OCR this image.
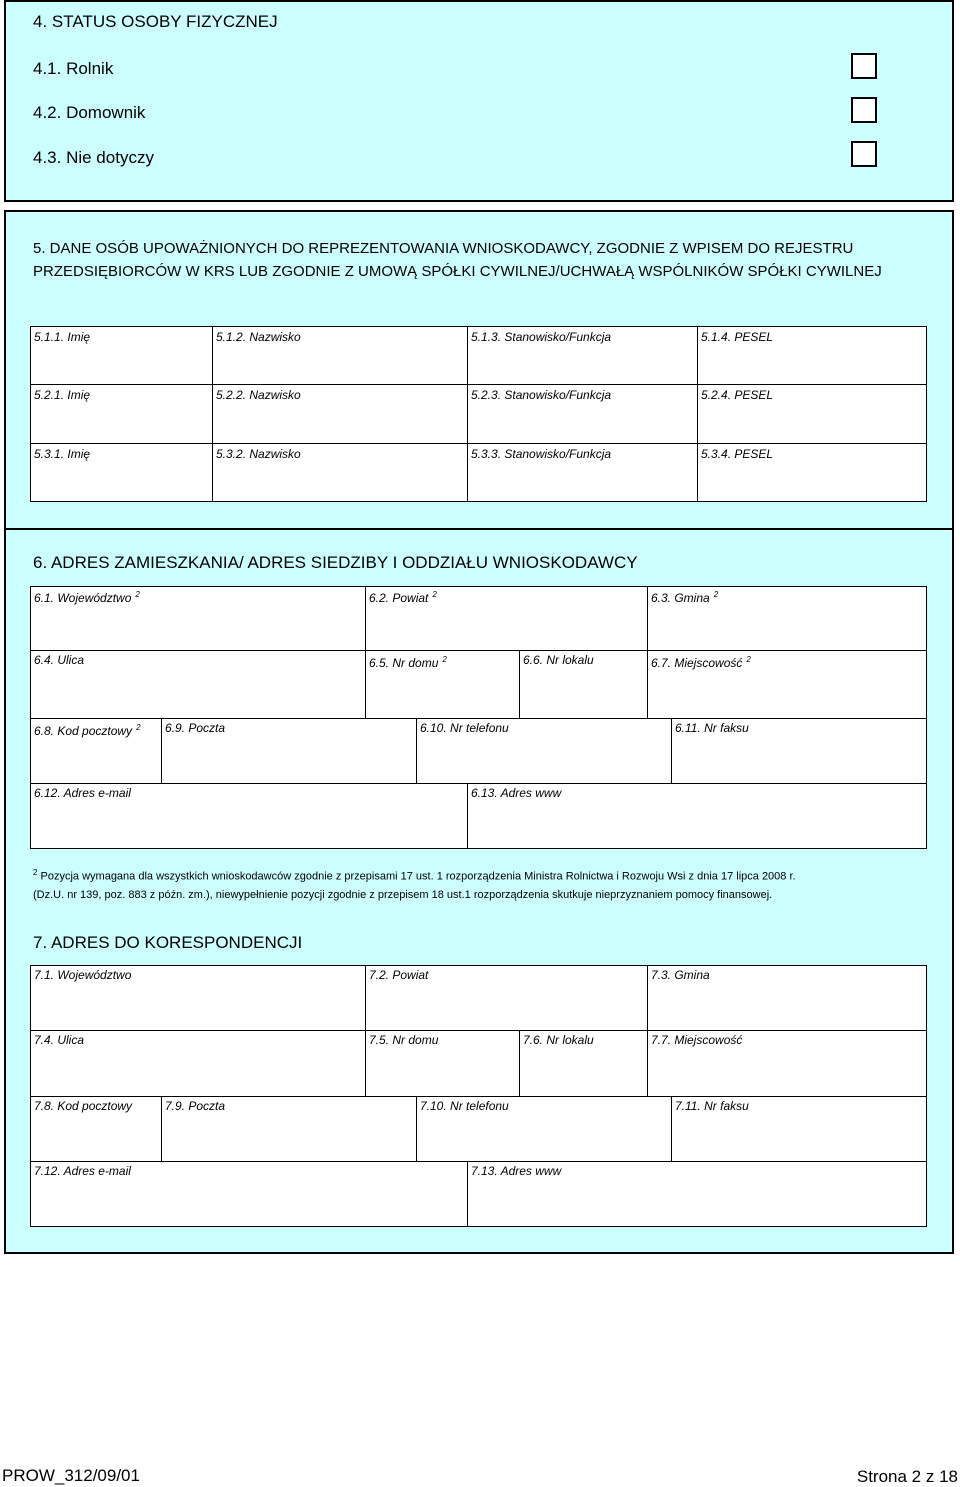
4. STATUS OSOBY FIZYCZNEJ
4.1. Rolnik
4.2. Domownik
4.3. Nie dotyczy
5. DANE OSÓB UPOWAŻNIONYCH DO REPREZENTOWANIA WNIOSKODAWCY, ZGODNIE Z WPISEM DO REJESTRU PRZEDSIĘBIORCÓW W KRS LUB ZGODNIE Z UMOWĄ SPÓŁKI CYWILNEJ/UCHWAŁĄ WSPÓLNIKÓW SPÓŁKI CYWILNEJ
5.1.1. Imię	5.1.2. Nazwisko	5.1.3. Stanowisko/Funkcja	5.1.4. PESEL
5.2.1. Imię	5.2.2. Nazwisko	5.2.3. Stanowisko/Funkcja	5.2.4. PESEL
5.3.1. Imię	5.3.2. Nazwisko	5.3.3. Stanowisko/Funkcja	5.3.4. PESEL
6. ADRES ZAMIESZKANIA/ ADRES SIEDZIBY I ODDZIAŁU WNIOSKODAWCY
6.1. Województwo $^2$	6.2. Powiat $^2$	6.3. Gmina $^2$
6.4. Ulica	6.5. Nr domu $^2$	6.6. Nr lokalu	6.7. Miejscowość $^2$
6.8. Kod pocztowy $^2$ 6.9. Poczta	6.10. Nr telefonu	6.11. Nr faksu
6.12. Adres e-mail	6.13. Adres www
$^2$ Pozycja wymagana dla wszystkich wnioskodawców zgodnie z przepisami 17 ust. 1 rozporządzenia Ministra Rolnictwa i Rozwoju Wsi z dnia 17 lipca 2008 r.
(Dz.U. nr 139, poz. 883 z późn. zm.), niewypełnienie pozycji zgodnie z przepisem 18 ust.1 rozporządzenia skutkuje nieprzyznaniem pomocy finansowej.
7. ADRES DO KORESPONDENCJI
7.1. Województwo	7.2. Powiat	7.3. Gmina
7.4. Ulica	7.5. Nr domu	7.6. Nr lokalu	7.7. Miejscowość
7.8. Kod pocztowy	7.9. Poczta	7.10. Nr telefonu	7.11. Nr faksu
7.12. Adres e-mail	7.13. Adres www
PROW_312/09/01	Strona 2 z 18
